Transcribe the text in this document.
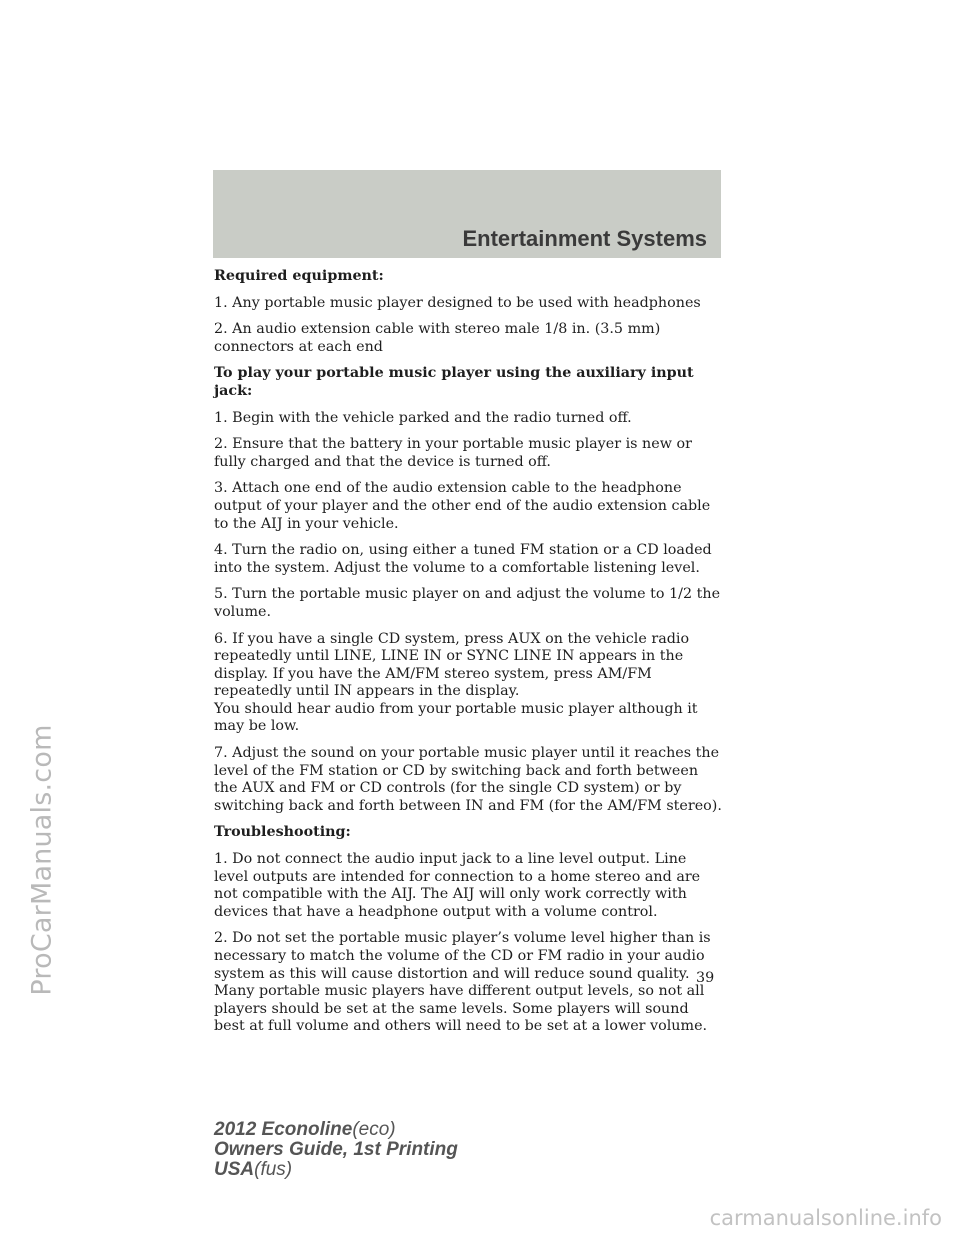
ProCarManuals.com
Entertainment Systems

Required equipment:

1. Any portable music player designed to be used with headphones

2. An audio extension cable with stereo male 1/8 in. (3.5 mm) connectors at each end

To play your portable music player using the auxiliary input jack:

1. Begin with the vehicle parked and the radio turned off.

2. Ensure that the battery in your portable music player is new or fully charged and that the device is turned off.

3. Attach one end of the audio extension cable to the headphone output of your player and the other end of the audio extension cable to the AIJ in your vehicle.

4. Turn the radio on, using either a tuned FM station or a CD loaded into the system. Adjust the volume to a comfortable listening level.

5. Turn the portable music player on and adjust the volume to 1/2 the volume.

6. If you have a single CD system, press AUX on the vehicle radio repeatedly until LINE, LINE IN or SYNC LINE IN appears in the display. If you have the AM/FM stereo system, press AM/FM repeatedly until IN appears in the display.

You should hear audio from your portable music player although it may be low.

7. Adjust the sound on your portable music player until it reaches the level of the FM station or CD by switching back and forth between the AUX and FM or CD controls (for the single CD system) or by switching back and forth between IN and FM (for the AM/FM stereo).

Troubleshooting:

1. Do not connect the audio input jack to a line level output. Line level outputs are intended for connection to a home stereo and are not compatible with the AIJ. The AIJ will only work correctly with devices that have a headphone output with a volume control.

2. Do not set the portable music player’s volume level higher than is necessary to match the volume of the CD or FM radio in your audio system as this will cause distortion and will reduce sound quality. Many portable music players have different output levels, so not all players should be set at the same levels. Some players will sound best at full volume and others will need to be set at a lower volume.

39
2012 Econoline(eco)
Owners Guide, 1st Printing
USA(fus)
carmanualsonline.info
